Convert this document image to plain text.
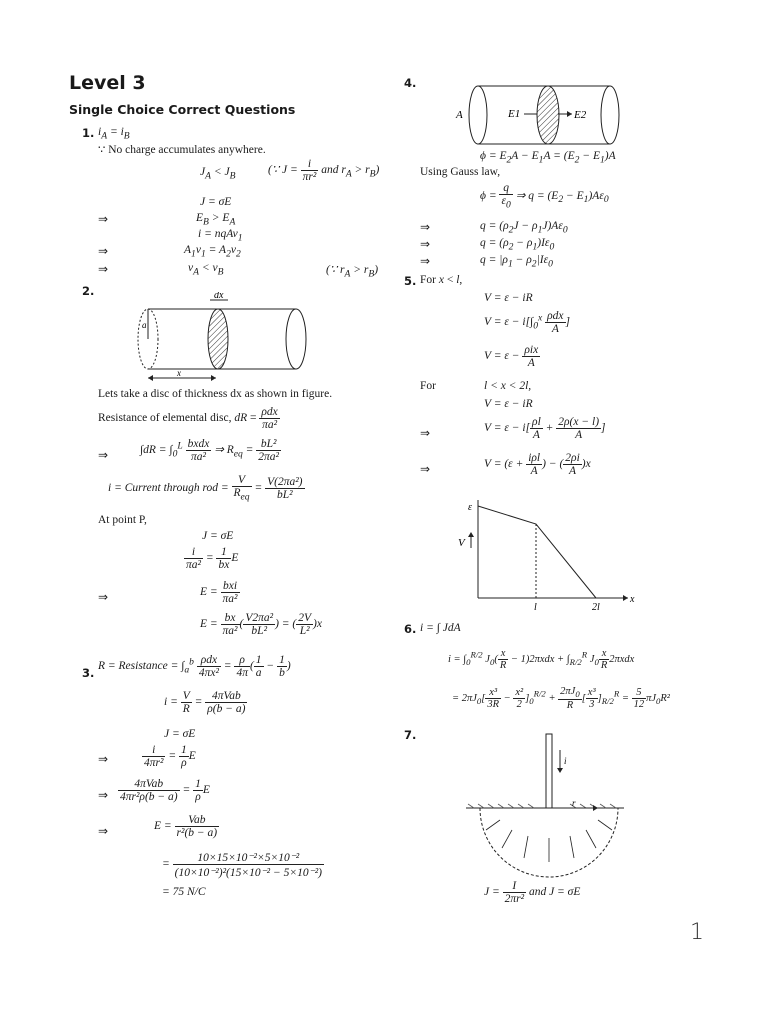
Level 3
Single Choice Correct Questions
1. $i_A = i_B$
∵ No charge accumulates anywhere.
$J_A < J_B$	(∵ $J = \frac{i}{\text{πr²}}$ and $r_A > r_B$)
J = σE
⇒	$E_B > E_A$
i = nqAv$_1$
⇒	$A_1v_1 = A_2v_2$
⇒	$v_A < v_B$	(∵ $r_A > r_B$)
2.	dx
a
x
Lets take a disc of thickness dx as shown in figure.
Resistance of elemental disc, dR = $\frac{\text{ρdx}}{\text{πa²}}$
⇒	$\int dR = \int_0^L \frac{\text{bxdx}}{\text{πa²}}$ ⇒ $R_{eq} = \frac{\text{bL²}}{\text{2πa²}}$
i = Current through rod = $\frac{V}{R_{eq}} = \frac{\text{V(2πa²)}}{\text{bL²}}$
At point P,
J = σE
$\frac{i}{\text{πa²}} = \frac{1}{bx}$ E
⇒	$E = \frac{\text{bxi}}{\text{πa²}}$
$E = \frac{bx}{\text{πa²}}$ ( $\frac{\text{V2πa²}}{\text{bL²}}$ ) = ( $\frac{2V}{\text{L²}} )x$
3. R = Resistance = $\int_a^b \frac{\text{ρdx}}{\text{4πx²}} = \frac{\rho}{4\pi}$ ( $\frac{1}{a} - \frac{1}{b}$ )
$i = \frac{V}{R} = \frac{\text{4πVab}}{\rho(b - a)}$
J = σE
⇒	$\frac{i}{\text{4πr²}} = \frac{1}{\rho}$ E
⇒ $\frac{\text{4πVab}}{\text{4πr²ρ(b − a)}} = \frac{1}{\rho}$ E
⇒	$E = \frac{\text{Vab}}{\text{r²(b − a)}}$
= $\frac{\text{10×15×10⁻²×5×10⁻²}}{\text{(10×10⁻²)²(15×10⁻² − 5×10⁻²)}}$
= 75 N/C
4.
A	E1	E2
$\phi = E_2A - E_1A = (E_2 - E_1)A$
Using Gauss law,
$\phi = \frac{q}{\varepsilon_0}$ ⇒ $q = (E_2 - E_1)A\varepsilon_0$
⇒	$q = (\rho_2J - \rho_1J)A\varepsilon_0$
⇒	$q = (\rho_2 - \rho_1)I\varepsilon_0$
⇒	$q = |\rho_1 - \rho_2|I\varepsilon_0$
5. For x < l,
V = ε − iR
$V = \varepsilon - i[\int_0^x \frac{\text{ρdx}}{A}$ ]
$V = \varepsilon - \frac{\text{ρix}}{A}$
For	l < x < 2l,
V = ε − iR
⇒	$V = \varepsilon - i[ \frac{\rho l}{A} + \frac{2\rho(x - l)}{A}$ ]
⇒	$V = (\varepsilon + \frac{\text{iρl}}{A}$ ) − ( $\frac{2\rho i}{A} )x$
ε
V
l	2l
x
6. i = ∫ JdA
$i = \int_0^{R/2}$ $J_0( \frac{x}{R} - 1)2\pi xdx + \int_{R/2}^R$ $J_0 \frac{x}{R} 2\pi xdx$
= $2\pi J_0[ \frac{\text{x³}}{3R} - \frac{\text{x²}}{2} ]_0^{R/2} + \frac{2\pi J_0}{R}$ [ $\frac{\text{x³}}{3} ]_{R/2}^R = \frac{5}{12} \pi J_0R^2$
7.
i
r
$J = \frac{I}{\text{2πr²}}$ and J = σE
1
